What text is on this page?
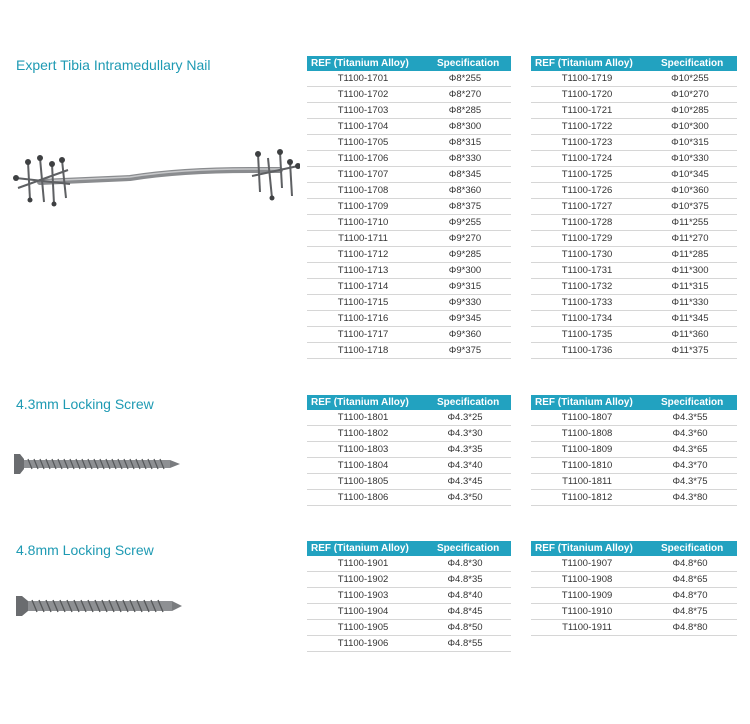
Expert Tibia Intramedullary Nail	REF (Titanium Alloy)	Specification
T1100-1701	Φ8*255
T1100-1702	Φ8*270
T1100-1703	Φ8*285
T1100-1704	Φ8*300
T1100-1705	Φ8*315
T1100-1706	Φ8*330
T1100-1707	Φ8*345
T1100-1708	Φ8*360
T1100-1709	Φ8*375
T1100-1710	Φ9*255
T1100-1711	Φ9*270
T1100-1712	Φ9*285
T1100-1713	Φ9*300
T1100-1714	Φ9*315
T1100-1715	Φ9*330
T1100-1716	Φ9*345
T1100-1717	Φ9*360
T1100-1718	Φ9*375
REF (Titanium Alloy)	Specification
T1100-1719	Φ10*255
T1100-1720	Φ10*270
T1100-1721	Φ10*285
T1100-1722	Φ10*300
T1100-1723	Φ10*315
T1100-1724	Φ10*330
T1100-1725	Φ10*345
T1100-1726	Φ10*360
T1100-1727	Φ10*375
T1100-1728	Φ11*255
T1100-1729	Φ11*270
T1100-1730	Φ11*285
T1100-1731	Φ11*300
T1100-1732	Φ11*315
T1100-1733	Φ11*330
T1100-1734	Φ11*345
T1100-1735	Φ11*360
T1100-1736	Φ11*375
4.3mm Locking Screw	REF (Titanium Alloy)	Specification
T1100-1801	Φ4.3*25
T1100-1802	Φ4.3*30
T1100-1803	Φ4.3*35
T1100-1804	Φ4.3*40
T1100-1805	Φ4.3*45
T1100-1806	Φ4.3*50
REF (Titanium Alloy)	Specification
T1100-1807	Φ4.3*55
T1100-1808	Φ4.3*60
T1100-1809	Φ4.3*65
T1100-1810	Φ4.3*70
T1100-1811	Φ4.3*75
T1100-1812	Φ4.3*80
4.8mm Locking Screw	REF (Titanium Alloy)	Specification
T1100-1901	Φ4.8*30
T1100-1902	Φ4.8*35
T1100-1903	Φ4.8*40
T1100-1904	Φ4.8*45
T1100-1905	Φ4.8*50
T1100-1906	Φ4.8*55
REF (Titanium Alloy)	Specification
T1100-1907	Φ4.8*60
T1100-1908	Φ4.8*65
T1100-1909	Φ4.8*70
T1100-1910	Φ4.8*75
T1100-1911	Φ4.8*80
